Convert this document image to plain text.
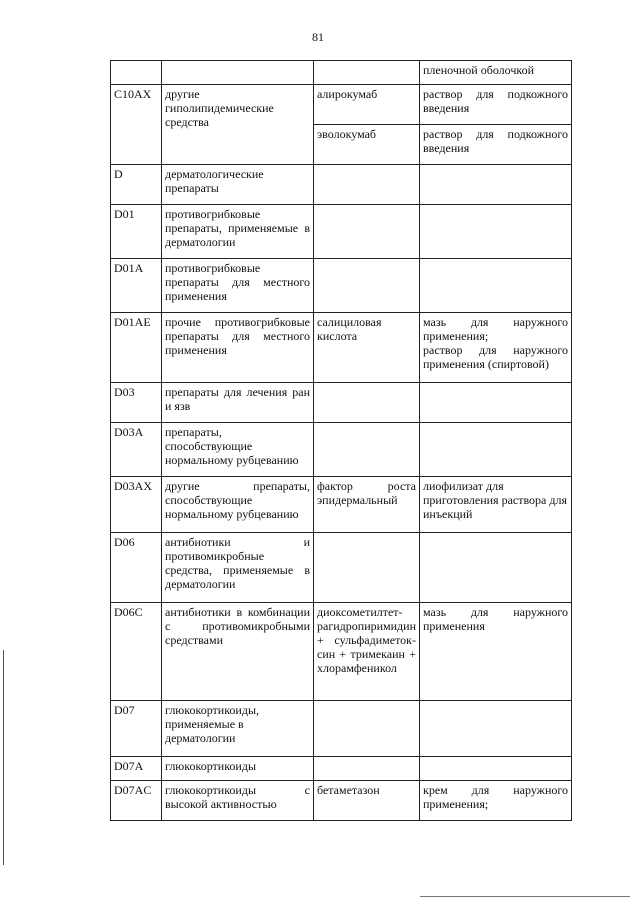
81
			пленочной оболочкой
C10AX	другие гиполипидемические средства	алирокумаб	раствор для подкожного введения
		эволокумаб	раствор для подкожного введения
D	дерматологические препараты		
D01	противогрибковые препараты, применяемые в дерматологии		
D01A	противогрибковые препараты для местного применения		
D01AE	прочие противогрибковые препараты для местного применения	салициловая кислота	мазь для наружного применения;
раствор для наружного применения (спиртовой)

D03	препараты для лечения ран и язв		
D03A	препараты, способствующие нормальному рубцеванию		
D03AX	другие препараты, способствующие нормальному рубцеванию	фактор роста эпидермальный	лиофилизат для приготовления раствора для инъекций
D06	антибиотики и противомикробные средства, применяемые в дерматологии		
D06C	антибиотики в комбинации с противомикробными средствами	диоксометилтет-рагидропиримидин + сульфадиметок-син + тримекаин + хлорамфеникол	мазь для наружного применения
D07	глюкокортикоиды, применяемые в дерматологии		
D07A	глюкокортикоиды		
D07AC	глюкокортикоиды с высокой активностью	бетаметазон	крем для наружного применения;
